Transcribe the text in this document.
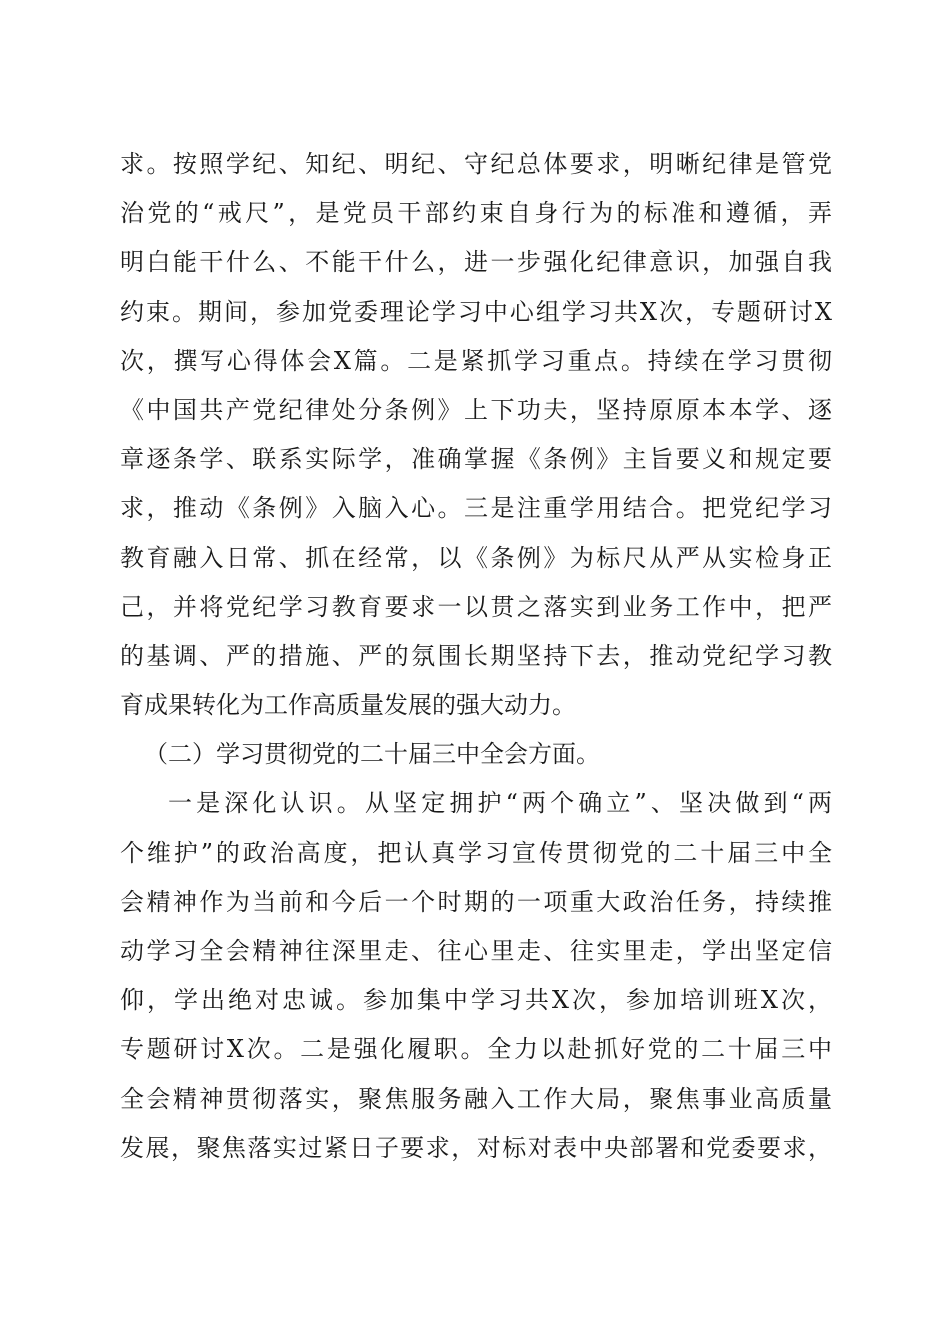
求。按照学纪、知纪、明纪、守纪总体要求，明晰纪律是管党
治党的“戒尺”，是党员干部约束自身行为的标准和遵循，弄
明白能干什么、不能干什么，进一步强化纪律意识，加强自我
约束。期间，参加党委理论学习中心组学习共X次，专题研讨X
次，撰写心得体会X篇。二是紧抓学习重点。持续在学习贯彻
《中国共产党纪律处分条例》上下功夫，坚持原原本本学、逐
章逐条学、联系实际学，准确掌握《条例》主旨要义和规定要
求，推动《条例》入脑入心。三是注重学用结合。把党纪学习
教育融入日常、抓在经常，以《条例》为标尺从严从实检身正
己，并将党纪学习教育要求一以贯之落实到业务工作中，把严
的基调、严的措施、严的氛围长期坚持下去，推动党纪学习教
育成果转化为工作高质量发展的强大动力。
（二）学习贯彻党的二十届三中全会方面。
一是深化认识。从坚定拥护“两个确立”、坚决做到“两
个维护”的政治高度，把认真学习宣传贯彻党的二十届三中全
会精神作为当前和今后一个时期的一项重大政治任务，持续推
动学习全会精神往深里走、往心里走、往实里走，学出坚定信
仰，学出绝对忠诚。参加集中学习共X次，参加培训班X次，
专题研讨X次。二是强化履职。全力以赴抓好党的二十届三中
全会精神贯彻落实，聚焦服务融入工作大局，聚焦事业高质量
发展，聚焦落实过紧日子要求，对标对表中央部署和党委要求，
